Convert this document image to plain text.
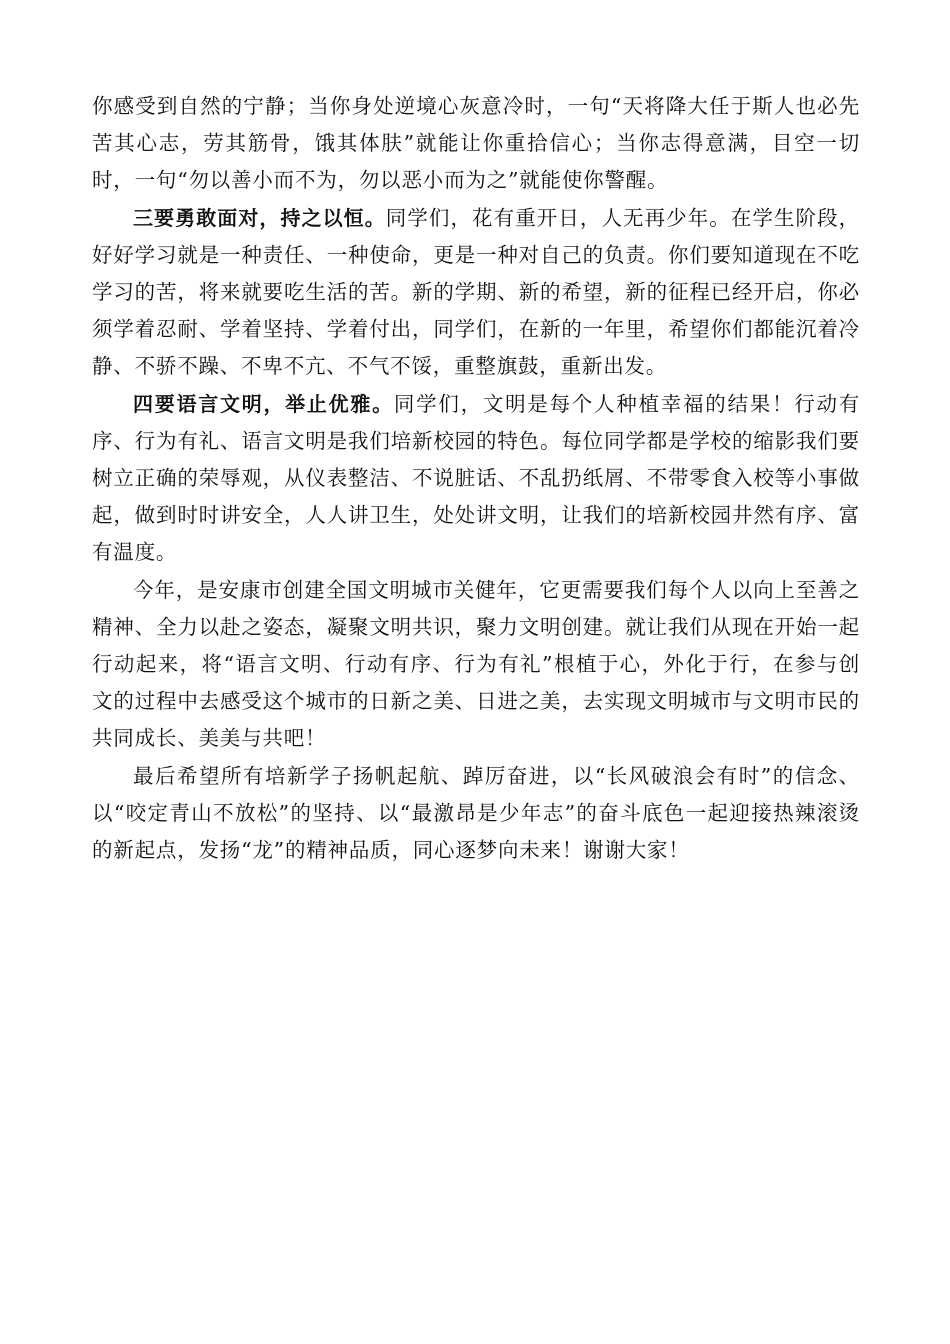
你感受到自然的宁静；当你身处逆境心灰意冷时，一句“天将降大任于斯人也必先苦其心志，劳其筋骨，饿其体肤”就能让你重拾信心；当你志得意满，目空一切时，一句“勿以善小而不为，勿以恶小而为之”就能使你警醒。

三要勇敢面对，持之以恒。同学们，花有重开日，人无再少年。在学生阶段，好好学习就是一种责任、一种使命，更是一种对自己的负责。你们要知道现在不吃学习的苦，将来就要吃生活的苦。新的学期、新的希望，新的征程已经开启，你必须学着忍耐、学着坚持、学着付出，同学们，在新的一年里，希望你们都能沉着冷静、不骄不躁、不卑不亢、不气不馁，重整旗鼓，重新出发。

四要语言文明，举止优雅。同学们，文明是每个人种植幸福的结果！行动有序、行为有礼、语言文明是我们培新校园的特色。每位同学都是学校的缩影我们要树立正确的荣辱观，从仪表整洁、不说脏话、不乱扔纸屑、不带零食入校等小事做起，做到时时讲安全，人人讲卫生，处处讲文明，让我们的培新校园井然有序、富有温度。

今年，是安康市创建全国文明城市关健年，它更需要我们每个人以向上至善之精神、全力以赴之姿态，凝聚文明共识，聚力文明创建。就让我们从现在开始一起行动起来，将“语言文明、行动有序、行为有礼”根植于心，外化于行，在参与创文的过程中去感受这个城市的日新之美、日进之美，去实现文明城市与文明市民的共同成长、美美与共吧！

最后希望所有培新学子扬帆起航、踔厉奋进，以“长风破浪会有时”的信念、以“咬定青山不放松”的坚持、以“最激昂是少年志”的奋斗底色一起迎接热辣滚烫的新起点，发扬“龙”的精神品质，同心逐梦向未来！谢谢大家！
